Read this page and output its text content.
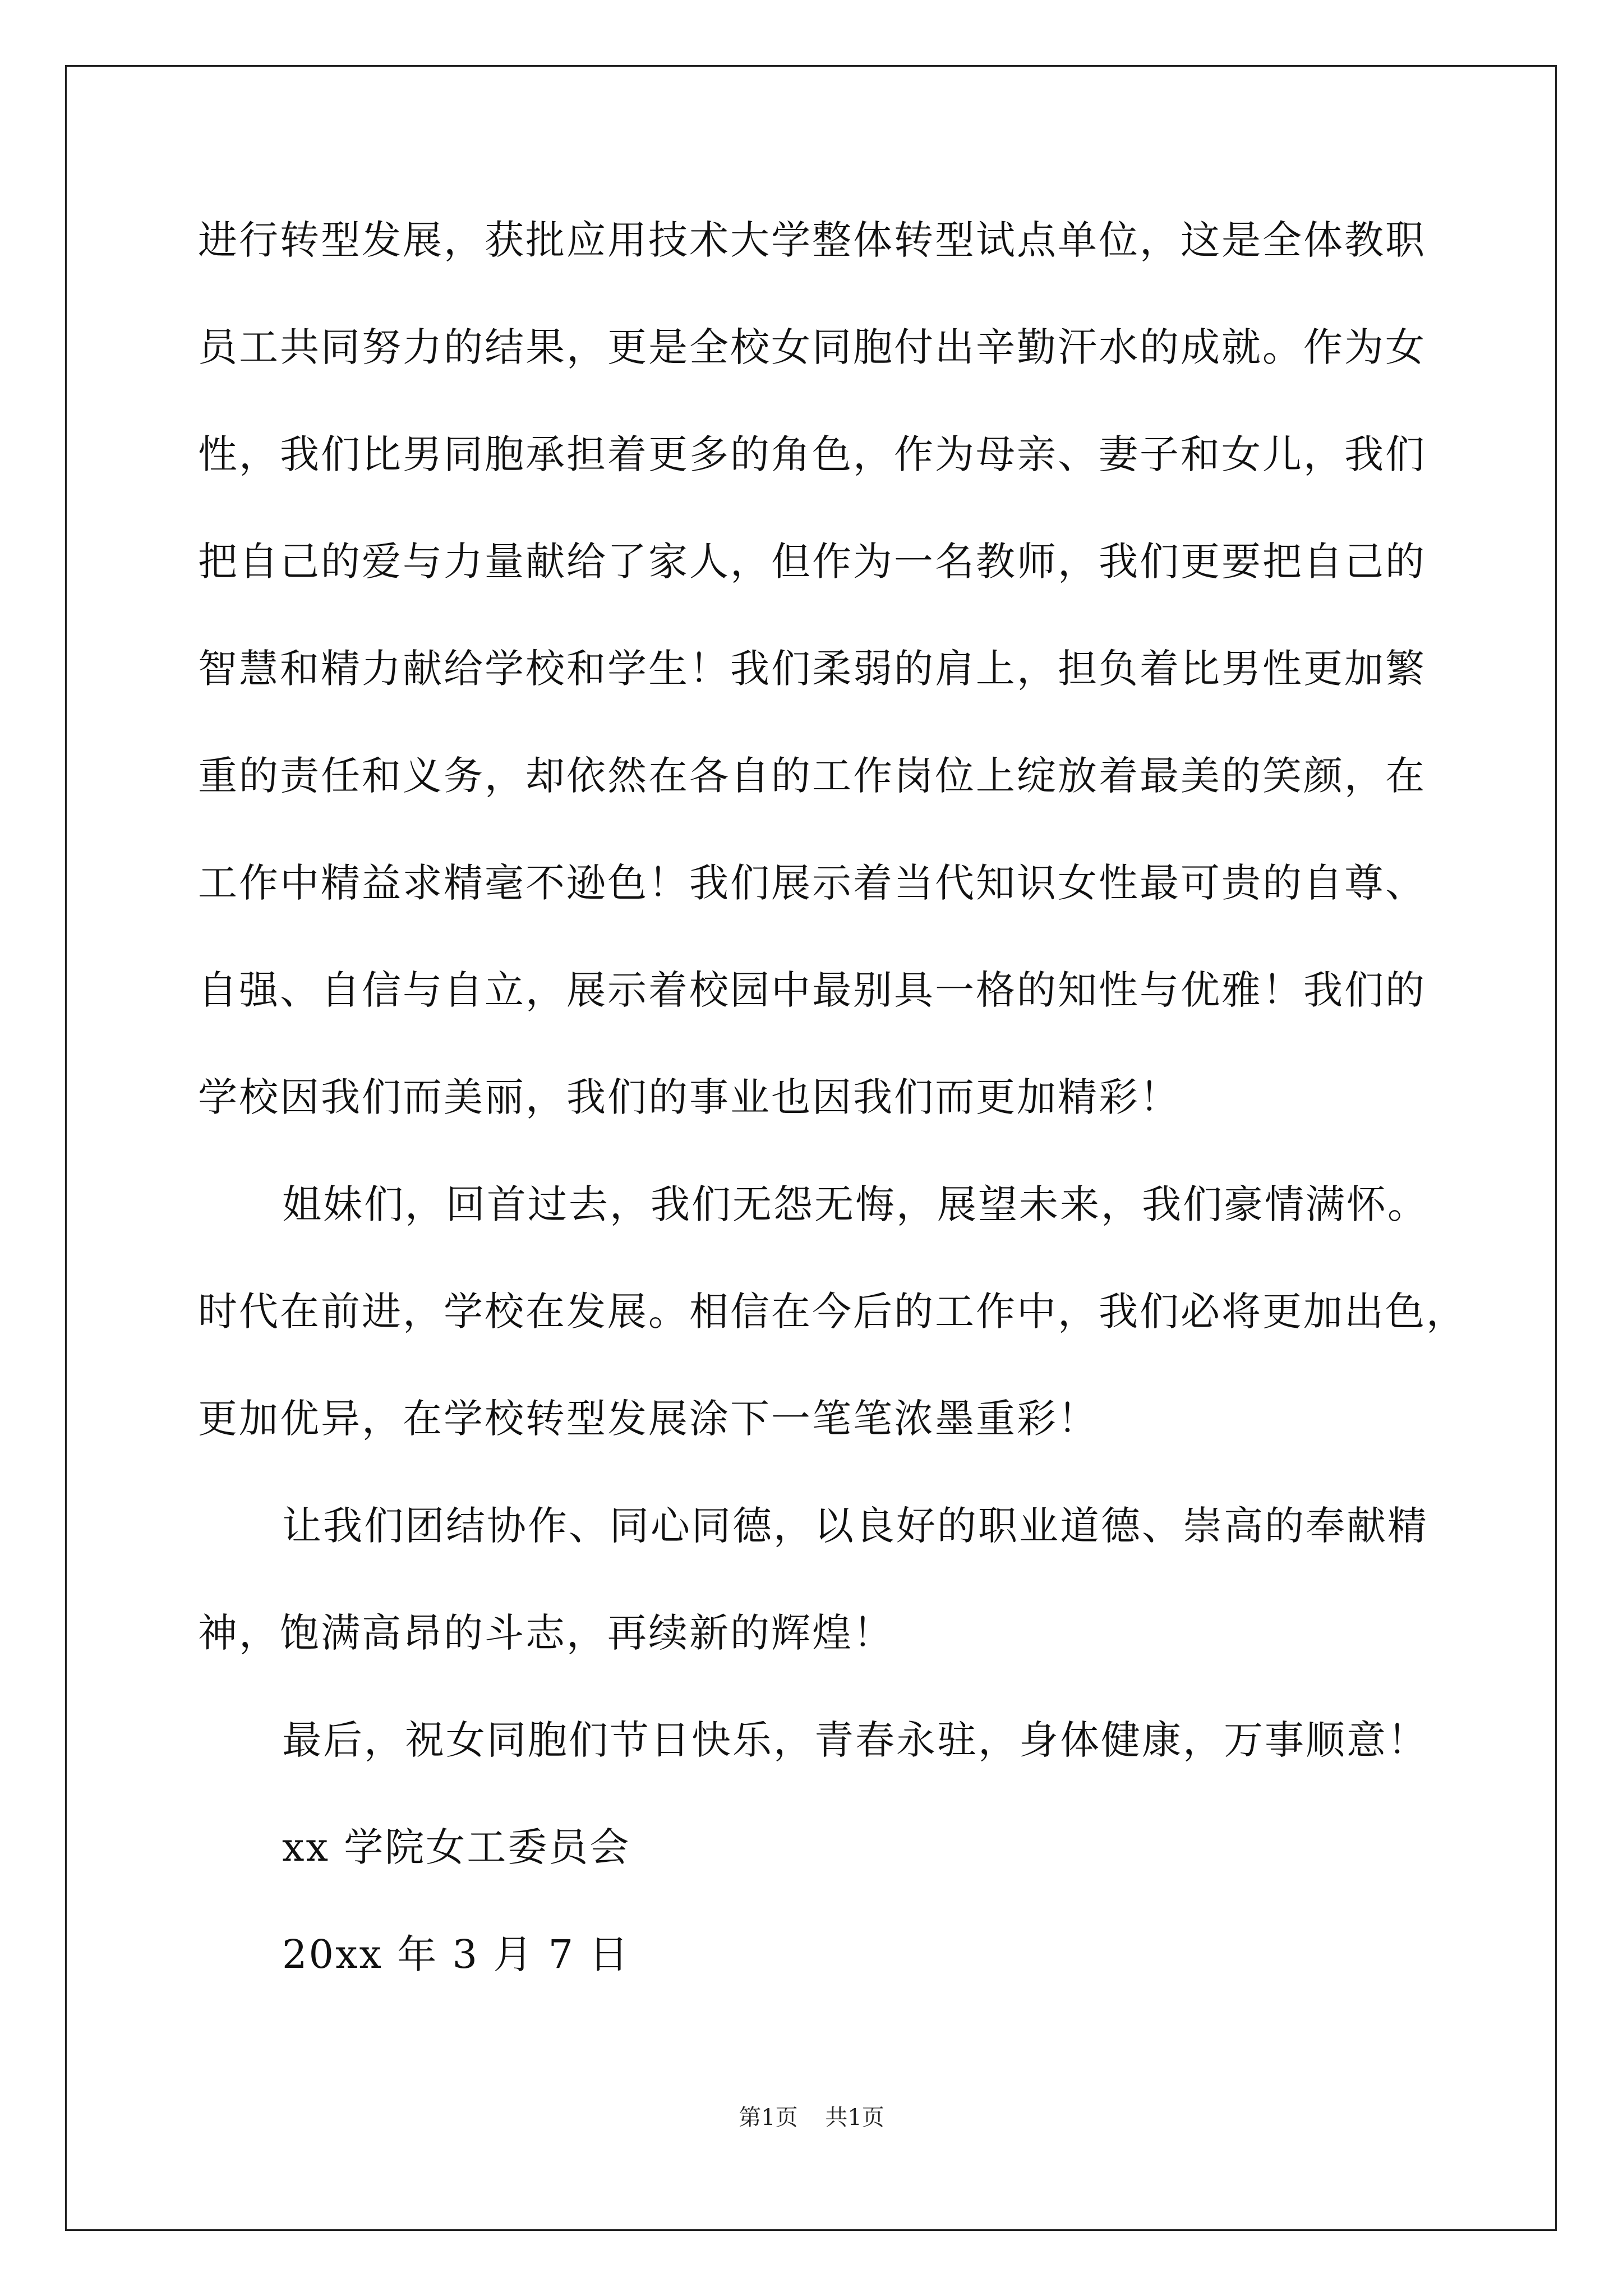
进行转型发展，获批应用技术大学整体转型试点单位，这是全体教职
员工共同努力的结果，更是全校女同胞付出辛勤汗水的成就。作为女
性，我们比男同胞承担着更多的角色，作为母亲、妻子和女儿，我们
把自己的爱与力量献给了家人，但作为一名教师，我们更要把自己的
智慧和精力献给学校和学生！我们柔弱的肩上，担负着比男性更加繁
重的责任和义务，却依然在各自的工作岗位上绽放着最美的笑颜，在
工作中精益求精毫不逊色！我们展示着当代知识女性最可贵的自尊、
自强、自信与自立，展示着校园中最别具一格的知性与优雅！我们的
学校因我们而美丽，我们的事业也因我们而更加精彩！
姐妹们，回首过去，我们无怨无悔，展望未来，我们豪情满怀。
时代在前进，学校在发展。相信在今后的工作中，我们必将更加出色，
更加优异，在学校转型发展涂下一笔笔浓墨重彩！
让我们团结协作、同心同德，以良好的职业道德、崇高的奉献精
神，饱满高昂的斗志，再续新的辉煌！
最后，祝女同胞们节日快乐，青春永驻，身体健康，万事顺意！
xx 学院女工委员会
20xx 年 3 月 7 日
第1页 共1页
